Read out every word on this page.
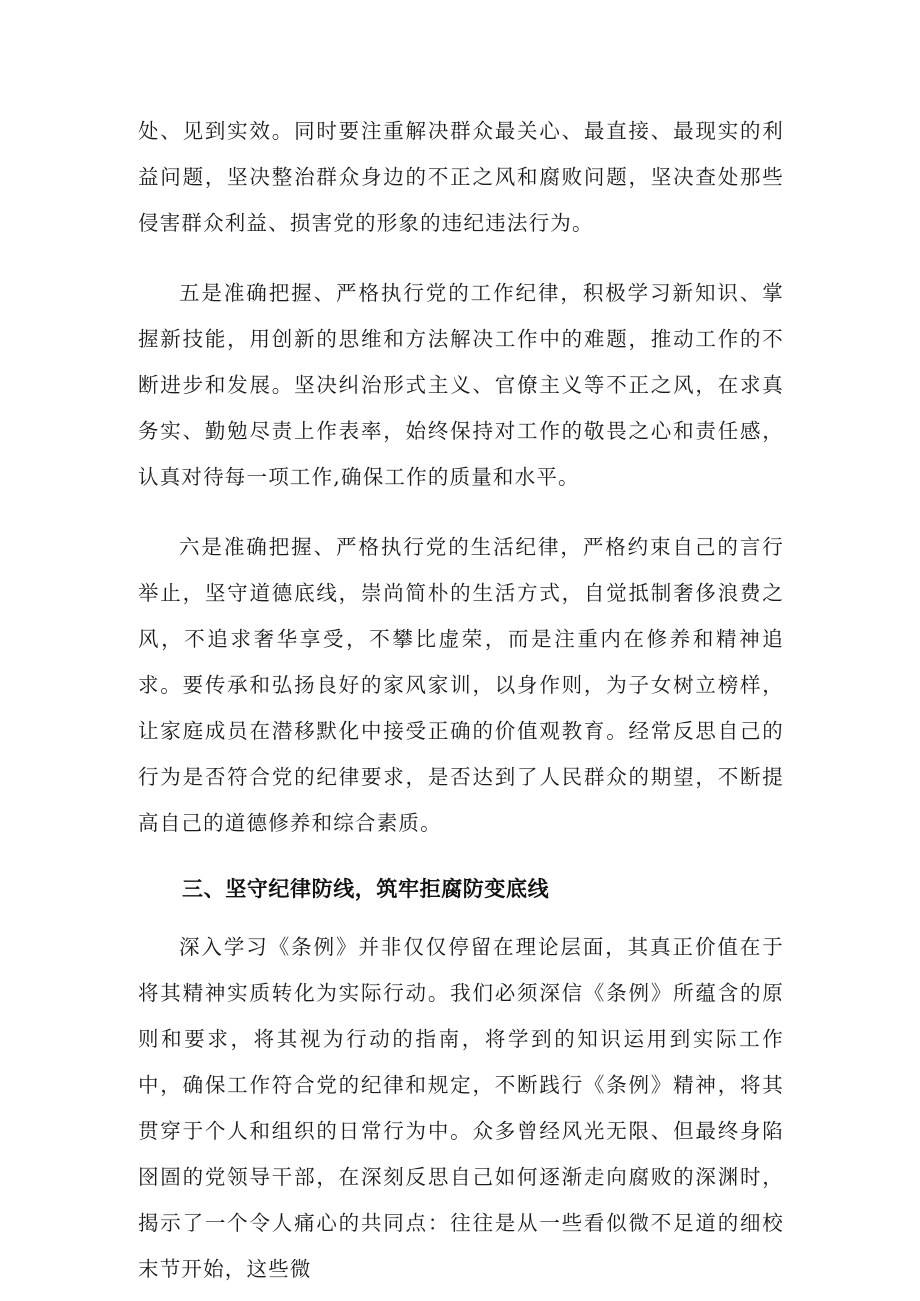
处、见到实效。同时要注重解决群众最关心、最直接、最现实的利益问题，坚决整治群众身边的不正之风和腐败问题，坚决查处那些侵害群众利益、损害党的形象的违纪违法行为。

五是准确把握、严格执行党的工作纪律，积极学习新知识、掌握新技能，用创新的思维和方法解决工作中的难题，推动工作的不断进步和发展。坚决纠治形式主义、官僚主义等不正之风，在求真务实、勤勉尽责上作表率，始终保持对工作的敬畏之心和责任感，认真对待每一项工作,确保工作的质量和水平。

六是准确把握、严格执行党的生活纪律，严格约束自己的言行举止，坚守道德底线，崇尚简朴的生活方式，自觉抵制奢侈浪费之风，不追求奢华享受，不攀比虚荣，而是注重内在修养和精神追求。要传承和弘扬良好的家风家训，以身作则，为子女树立榜样，让家庭成员在潜移默化中接受正确的价值观教育。经常反思自己的行为是否符合党的纪律要求，是否达到了人民群众的期望，不断提高自己的道德修养和综合素质。

三、坚守纪律防线，筑牢拒腐防变底线

深入学习《条例》并非仅仅停留在理论层面，其真正价值在于将其精神实质转化为实际行动。我们必须深信《条例》所蕴含的原则和要求，将其视为行动的指南，将学到的知识运用到实际工作中，确保工作符合党的纪律和规定，不断践行《条例》精神，将其贯穿于个人和组织的日常行为中。众多曾经风光无限、但最终身陷囹圄的党领导干部，在深刻反思自己如何逐渐走向腐败的深渊时，揭示了一个令人痛心的共同点：往往是从一些看似微不足道的细校末节开始，这些微
